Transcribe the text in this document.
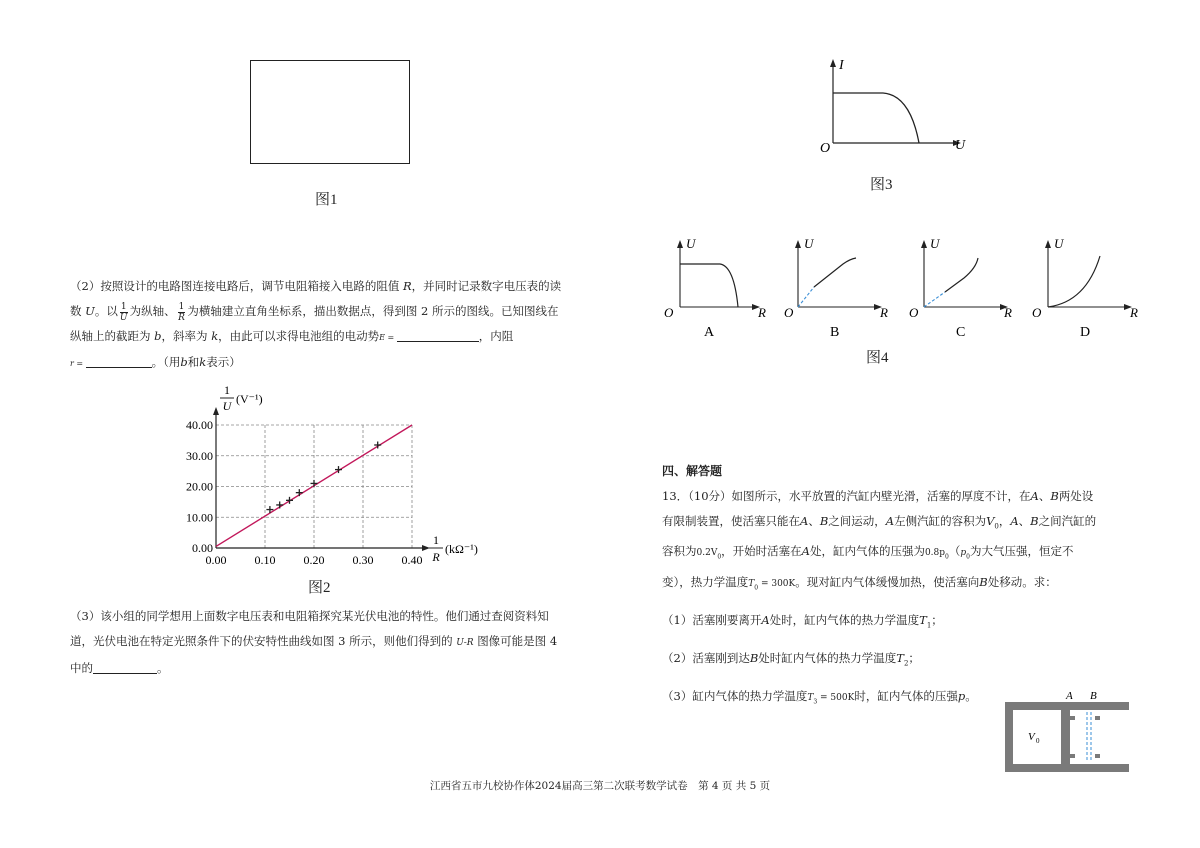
图1
（2）按照设计的电路图连接电路后，调节电阻箱接入电路的阻值 R，并同时记录数字电压表的读
数 U。以 $\frac{1}{U}$ 为纵轴、 $\frac{1}{R}$ 为横轴建立直角坐标系，描出数据点，得到图 2 所示的图线。已知图线在
纵轴上的截距为 b，斜率为 k，由此可以求得电池组的电动势E =	，内阻
r =	。（用b和k表示）
0.00 0.10 0.20 0.30 0.40
0.00
10.00
20.00
30.00
40.00
1
U (V⁻¹)
1
R
(kΩ⁻¹)
图2
（3）该小组的同学想用上面数字电压表和电阻箱探究某光伏电池的特性。他们通过查阅资料知
道，光伏电池在特定光照条件下的伏安特性曲线如图 3 所示，则他们得到的 U-R 图像可能是图 4
中的	。
I
U
O
图3
U
R
O
A
U
R
O
B
U
R
O
C
U
R
O
D
图4
四、解答题
13．（10分）如图所示，水平放置的汽缸内壁光滑，活塞的厚度不计，在A、B两处设
有限制装置，使活塞只能在A、B之间运动，A左侧汽缸的容积为$V_0$，A、B之间汽缸的
容积为$0.2V_0$，开始时活塞在A处，缸内气体的压强为$0.8p_0(p_0$为大气压强，恒定不
变），热力学温度$T_0 = 300K$。现对缸内气体缓慢加热，使活塞向B处移动。求：
（1）活塞刚要离开A处时，缸内气体的热力学温度$T_1$；
（2）活塞刚到达B处时缸内气体的热力学温度$T_2$；
（3）缸内气体的热力学温度$T_3 = 500K$时，缸内气体的压强p。	A B
V 0
江西省五市九校协作体2024届高三第二次联考数学试卷　第 4 页 共 5 页
